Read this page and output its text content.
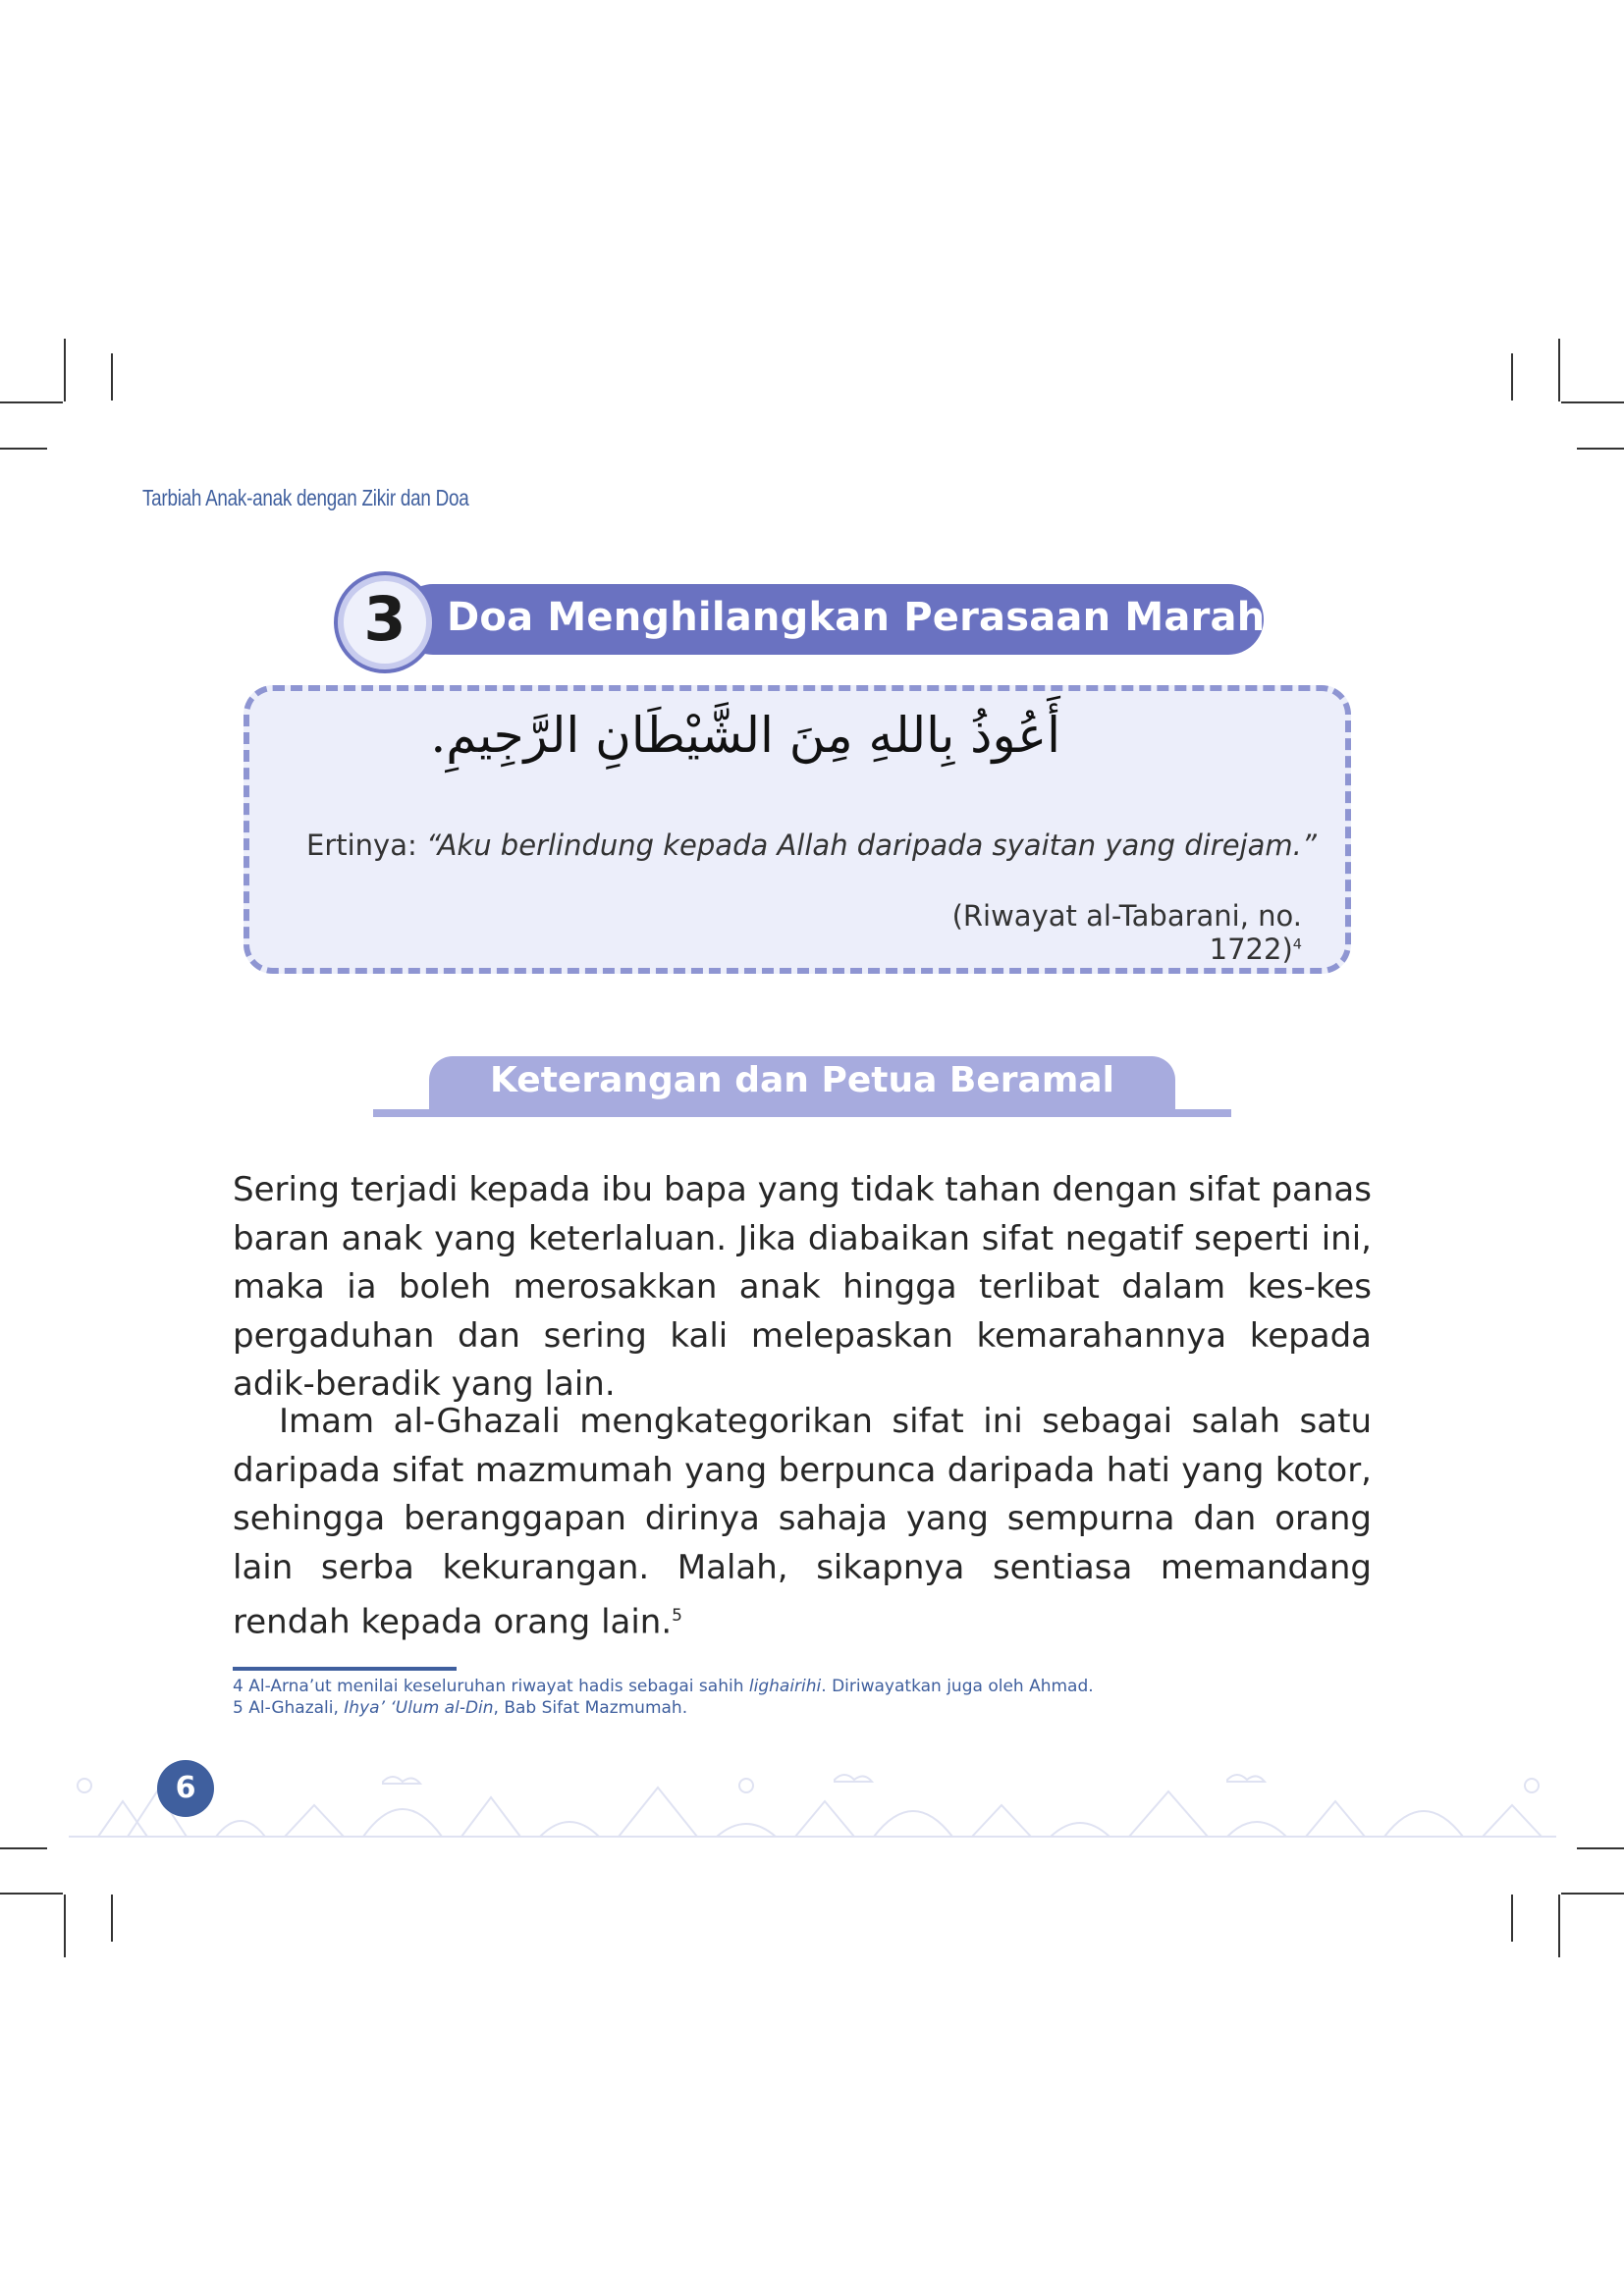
Tarbiah Anak-anak dengan Zikir dan Doa
Doa Menghilangkan Perasaan Marah
3
أَعُوذُ بِاللهِ مِنَ الشَّيْطَانِ الرَّجِيمِ.
Ertinya: “Aku berlindung kepada Allah daripada syaitan yang direjam.”
(Riwayat al-Tabarani, no. 1722)$^4$
Keterangan dan Petua Beramal

Sering terjadi kepada ibu bapa yang tidak tahan dengan sifat panas baran anak yang keterlaluan. Jika diabaikan sifat negatif seperti ini, maka ia boleh merosakkan anak hingga terlibat dalam kes-kes pergaduhan dan sering kali melepaskan kemarahannya kepada adik-beradik yang lain.

Imam al-Ghazali mengkategorikan sifat ini sebagai salah satu daripada sifat mazmumah yang berpunca daripada hati yang kotor, sehingga beranggapan dirinya sahaja yang sempurna dan orang lain serba kekurangan. Malah, sikapnya sentiasa memandang rendah kepada orang lain.$^5$

4 Al-Arna’ut menilai keseluruhan riwayat hadis sebagai sahih lighairihi. Diriwayatkan juga oleh Ahmad.
5 Al-Ghazali, Ihya’ ‘Ulum al-Din, Bab Sifat Mazmumah.
6
